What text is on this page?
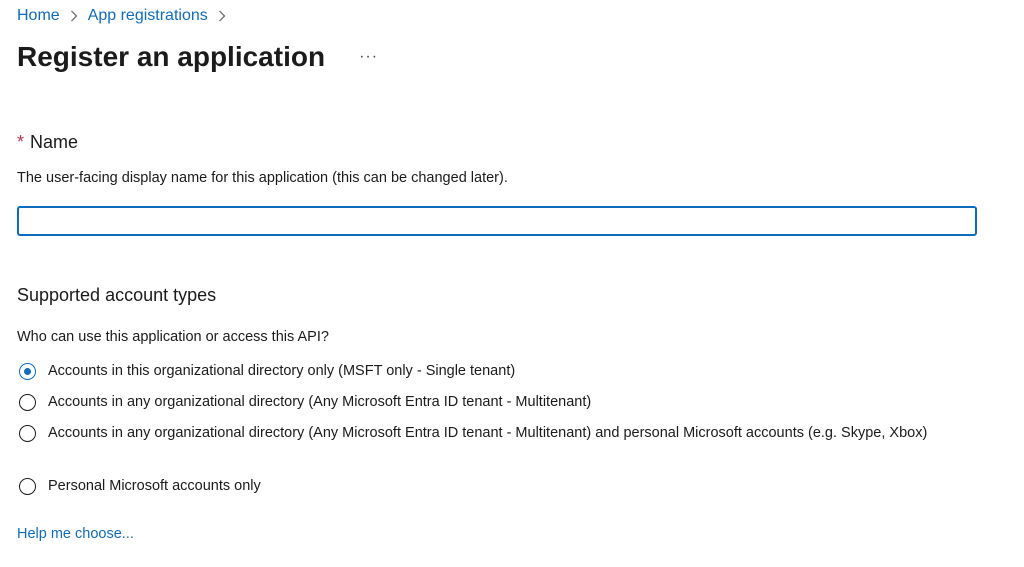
Home App registrations
Register an application ···
* Name
The user-facing display name for this application (this can be changed later).
Supported account types
Who can use this application or access this API?
Accounts in this organizational directory only (MSFT only - Single tenant)
Accounts in any organizational directory (Any Microsoft Entra ID tenant - Multitenant)
Accounts in any organizational directory (Any Microsoft Entra ID tenant - Multitenant) and personal Microsoft accounts (e.g. Skype, Xbox)
Personal Microsoft accounts only
Help me choose...
